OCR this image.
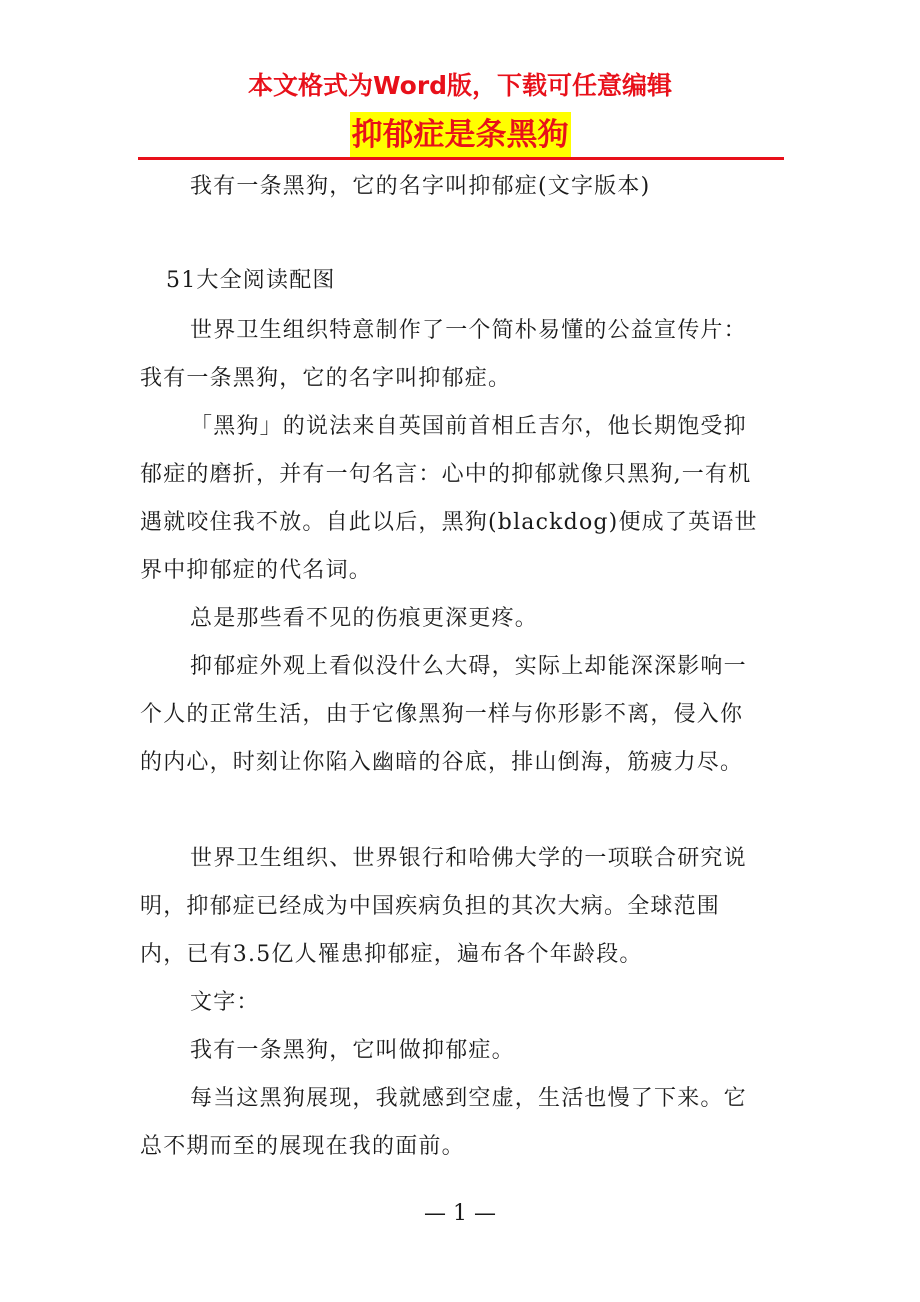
本文格式为Word版，下载可任意编辑
抑郁症是条黑狗

我有一条黑狗，它的名字叫抑郁症(文字版本)

51大全阅读配图

世界卫生组织特意制作了一个简朴易懂的公益宣传片：我有一条黑狗，它的名字叫抑郁症。

「黑狗」的说法来自英国前首相丘吉尔，他长期饱受抑郁症的磨折，并有一句名言：心中的抑郁就像只黑狗,一有机遇就咬住我不放。自此以后，黑狗(blackdog)便成了英语世界中抑郁症的代名词。

总是那些看不见的伤痕更深更疼。

抑郁症外观上看似没什么大碍，实际上却能深深影响一个人的正常生活，由于它像黑狗一样与你形影不离，侵入你的内心，时刻让你陷入幽暗的谷底，排山倒海，筋疲力尽。

世界卫生组织、世界银行和哈佛大学的一项联合研究说明，抑郁症已经成为中国疾病负担的其次大病。全球范围内，已有3.5亿人罹患抑郁症，遍布各个年龄段。

文字：

我有一条黑狗，它叫做抑郁症。

每当这黑狗展现，我就感到空虚，生活也慢了下来。它总不期而至的展现在我的面前。

— 1 —
